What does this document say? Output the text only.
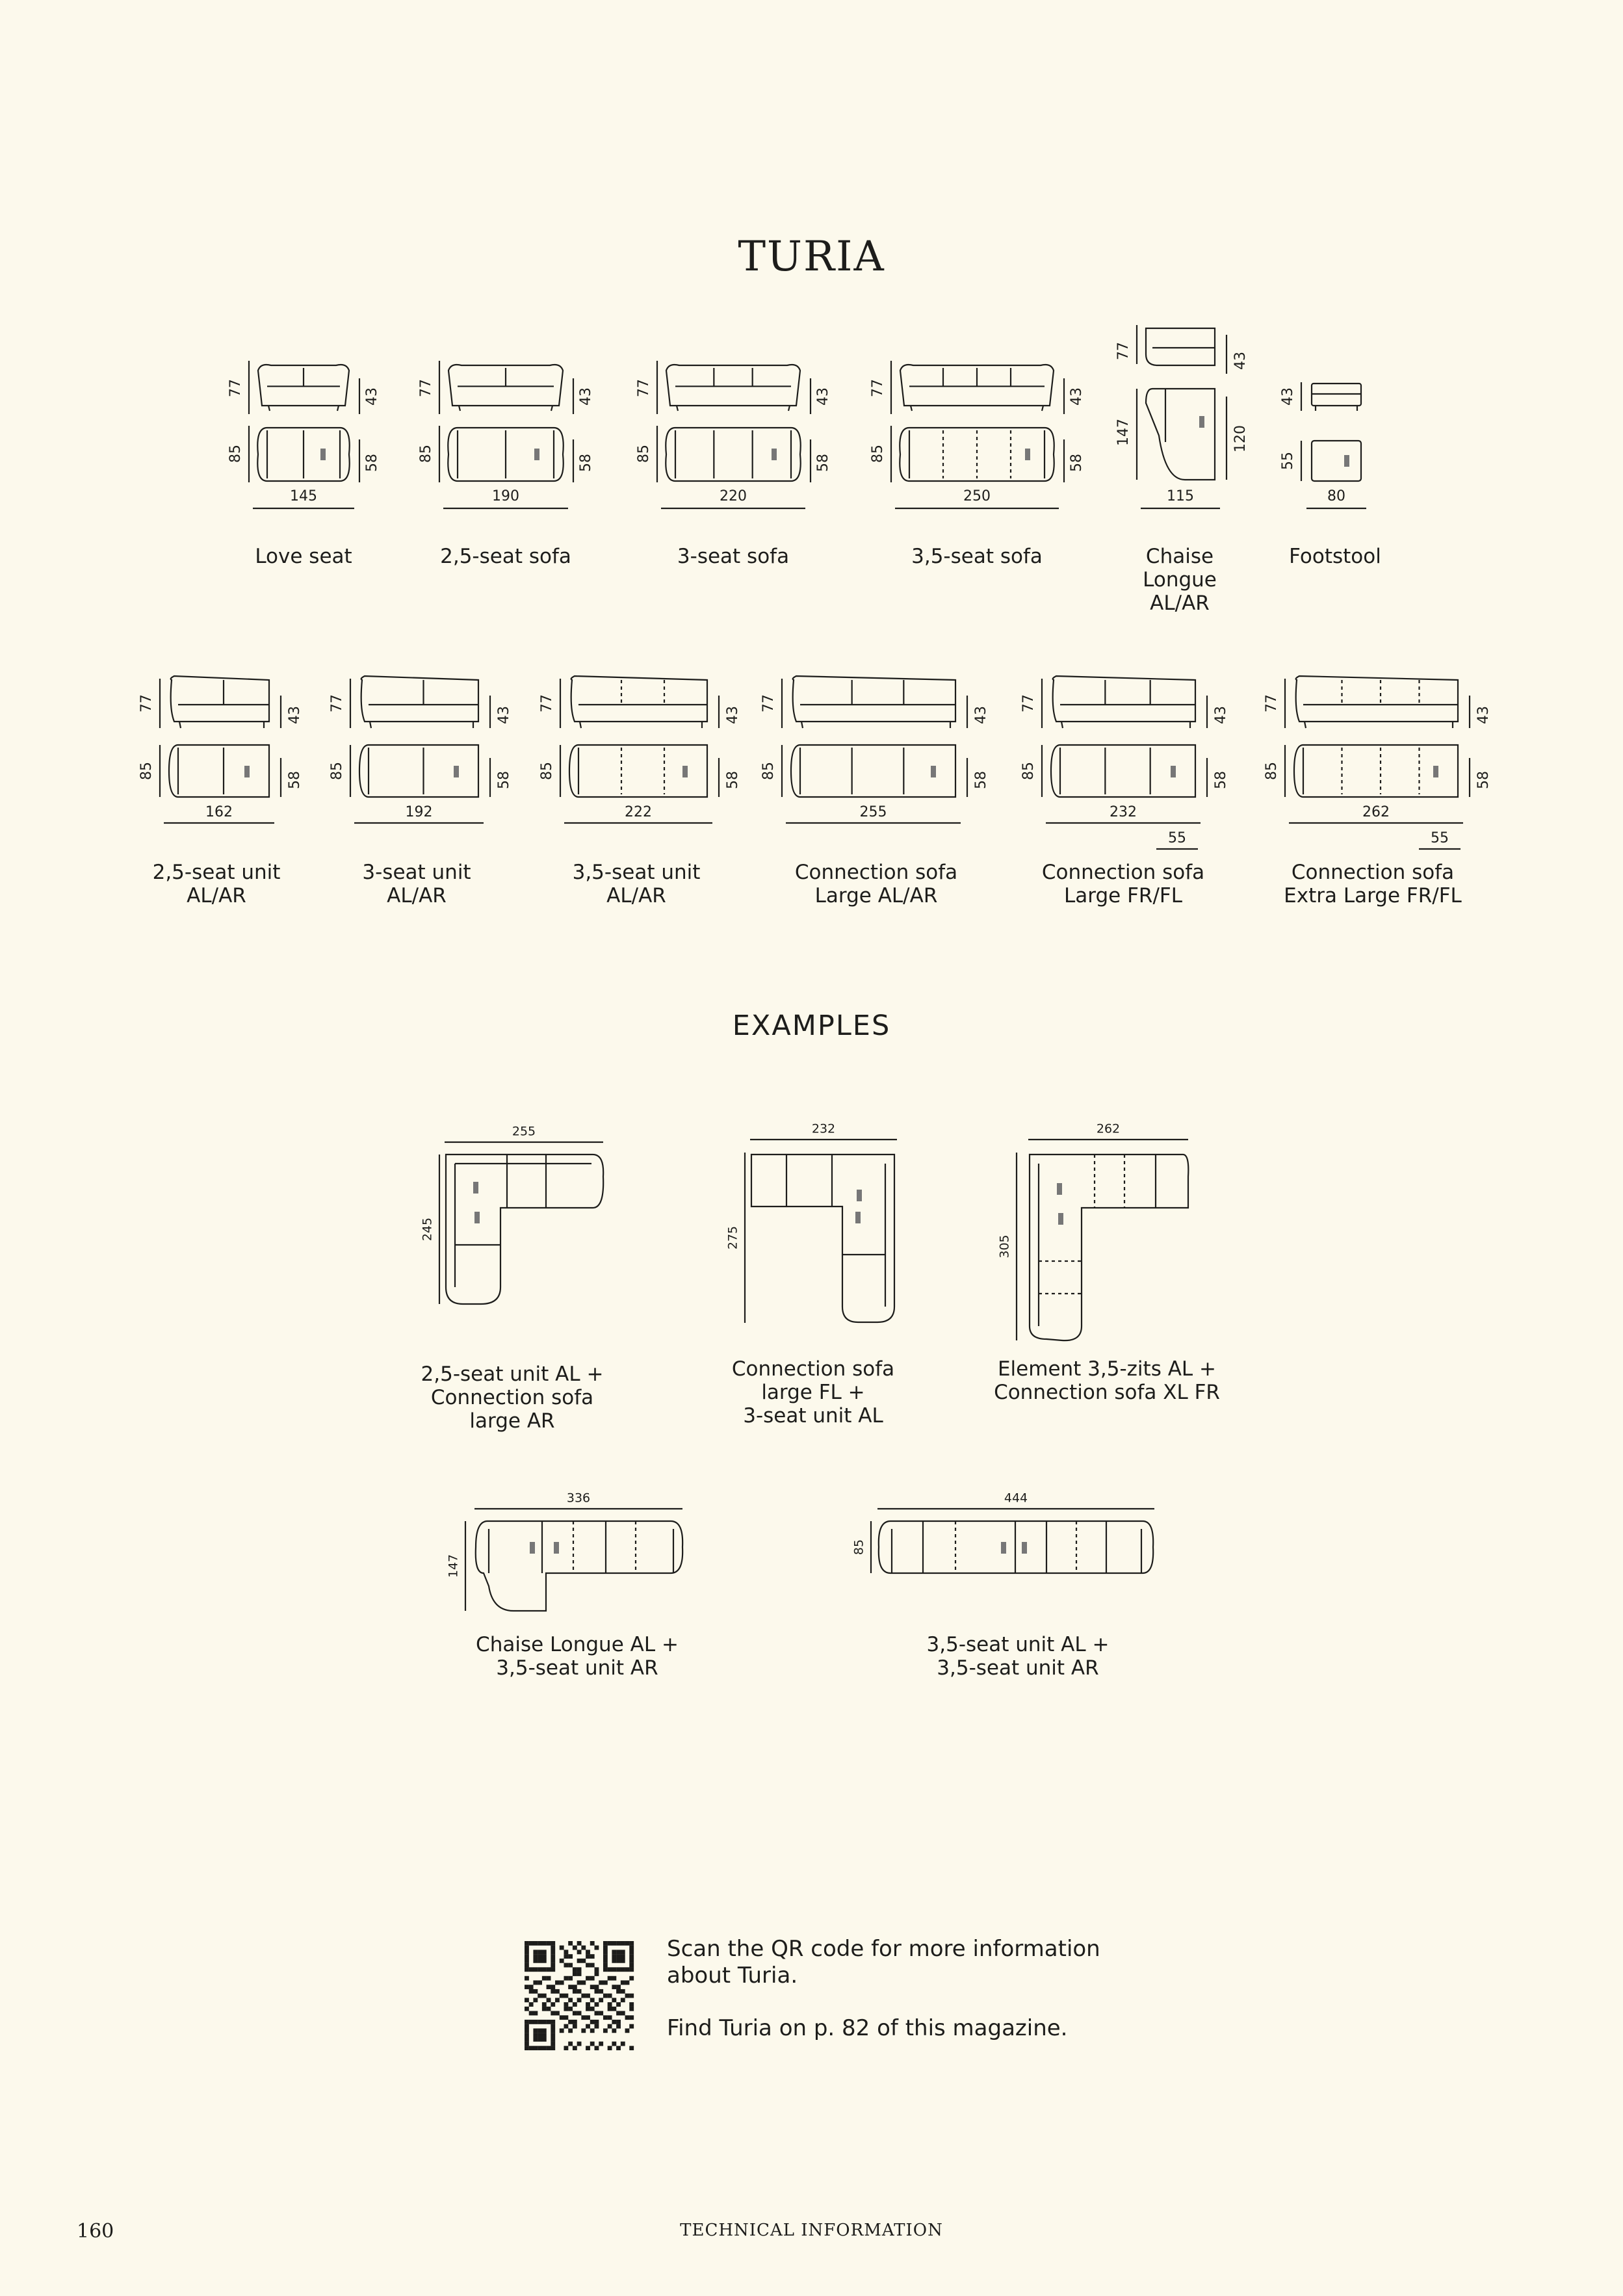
TURIA
77	43
85	58
145
77	43
85	58
190
77	43
85	58
220
77	43
85	58
250
77
43
147	120
115
43
55
80
77
43
85	58
162
77
43
85	58
192
77
43
85	58
222
77
43
85	58
255
77
43
85	58
232
55
77
43
85	58
262
55
255
245
232
275
262
305
336
147
444
85
Love seat	2,5-seat sofa	3-seat sofa	3,5-seat sofa	Chaise
Longue
AL/AR
Footstool
2,5-seat unit
AL/AR
3-seat unit
AL/AR
3,5-seat unit
AL/AR
Connection sofa
Large AL/AR
Connection sofa
Large FR/FL
Connection sofa
Extra Large FR/FL
2,5-seat unit AL +
Connection sofa
large AR
Connection sofa
large FL +
3-seat unit AL
Element 3,5-zits AL +
Connection sofa XL FR
Chaise Longue AL +
3,5-seat unit AR
3,5-seat unit AL +
3,5-seat unit AR
EXAMPLES
Scan the QR code for more information
about Turia.
Find Turia on p. 82 of this magazine.
160	TECHNICAL INFORMATION
